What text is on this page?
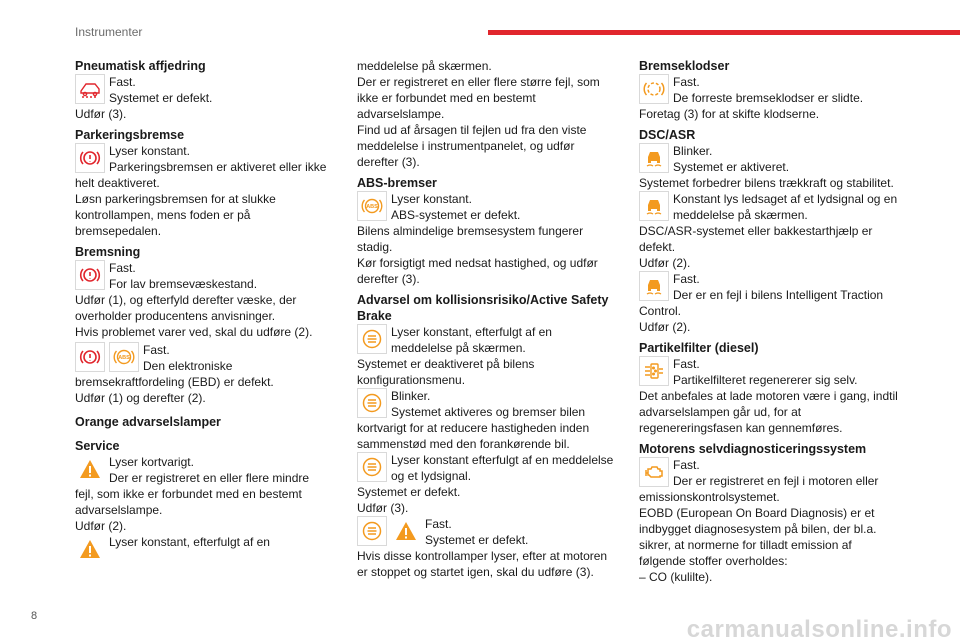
Instrumenter
8	carmanualsonline.info
Pneumatisk affjedring
Fast.
Systemet er defekt.
Udfør (3).
Parkeringsbremse
Lyser konstant.
Parkeringsbremsen er aktiveret eller ikke
helt deaktiveret.
Løsn parkeringsbremsen for at slukke kontrollampen, mens foden er på bremsepedalen.
Bremsning
Fast.
For lav bremsevæskestand.
Udfør (1), og efterfyld derefter væske, der overholder producentens anvisninger.
Hvis problemet varer ved, skal du udføre (2).
ABS
Fast.
Den elektroniske
bremsekraftfordeling (EBD) er defekt.
Udfør (1) og derefter (2).
Orange advarselslamper
Service
Lyser kortvarigt.
Der er registreret en eller flere mindre
fejl, som ikke er forbundet med en bestemt advarselslampe.
Udfør (2).
Lyser konstant, efterfulgt af en
meddelelse på skærmen.
Der er registreret en eller flere større fejl, som ikke er forbundet med en bestemt advarselslampe.
Find ud af årsagen til fejlen ud fra den viste meddelelse i instrumentpanelet, og udfør derefter (3).
ABS-bremser
ABS
Lyser konstant.
ABS-systemet er defekt.
Bilens almindelige bremsesystem fungerer stadig.
Kør forsigtigt med nedsat hastighed, og udfør derefter (3).
Advarsel om kollisionsrisiko/Active Safety Brake
Lyser konstant, efterfulgt af en
meddelelse på skærmen.
Systemet er deaktiveret på bilens konfigurationsmenu.
Blinker.
Systemet aktiveres og bremser bilen
kortvarigt for at reducere hastigheden inden sammenstød med den forankørende bil.
Lyser konstant efterfulgt af en meddelelse
og et lydsignal.
Systemet er defekt.
Udfør (3).
Fast.
Systemet er defekt.
Hvis disse kontrollamper lyser, efter at motoren er stoppet og startet igen, skal du udføre (3).
Bremseklodser
Fast.
De forreste bremseklodser er slidte.
Foretag (3) for at skifte klodserne.
DSC/ASR
Blinker.
Systemet er aktiveret.
Systemet forbedrer bilens trækkraft og stabilitet.
Konstant lys ledsaget af et lydsignal og en
meddelelse på skærmen.
DSC/ASR-systemet eller bakkestarthjælp er defekt.
Udfør (2).
Fast.
Der er en fejl i bilens Intelligent Traction
Control.
Udfør (2).
Partikelfilter (diesel)
Fast.
Partikelfilteret regenererer sig selv.
Det anbefales at lade motoren være i gang, indtil advarselslampen går ud, for at regenereringsfasen kan gennemføres.
Motorens selvdiagnosticeringssystem
Fast.
Der er registreret en fejl i motoren eller
emissionskontrolsystemet.
EOBD (European On Board Diagnosis) er et indbygget diagnosesystem på bilen, der bl.a. sikrer, at normerne for tilladt emission af følgende stoffer overholdes:
– CO (kulilte).
